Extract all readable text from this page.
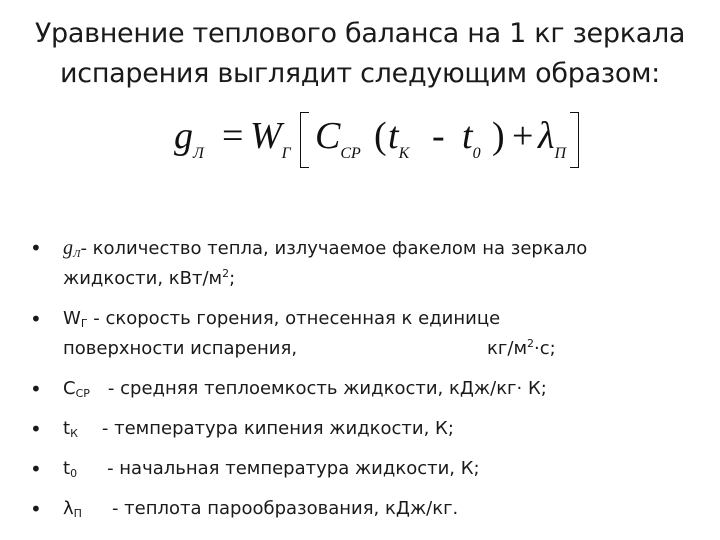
Уравнение теплового баланса на 1 кг зеркала
испарения выглядит следующим образом:
$g_Л = W_Г$ $C_{СР}$ ( $t_К - t_0$ ) + $\lambda_П$
• gЛ- количество тепла, излучаемое факелом на зеркало
жидкости, кВт/$м^2$;
• WГ - скорость горения, отнесенная к единице
поверхности испарения,	$кг/м^2\cdot с$;
• ССР - средняя теплоемкость жидкости, кДж/кг· К;
• tК - температура кипения жидкости, К;
• t0 - начальная температура жидкости, К;
• λП - теплота парообразования, кДж/кг.
